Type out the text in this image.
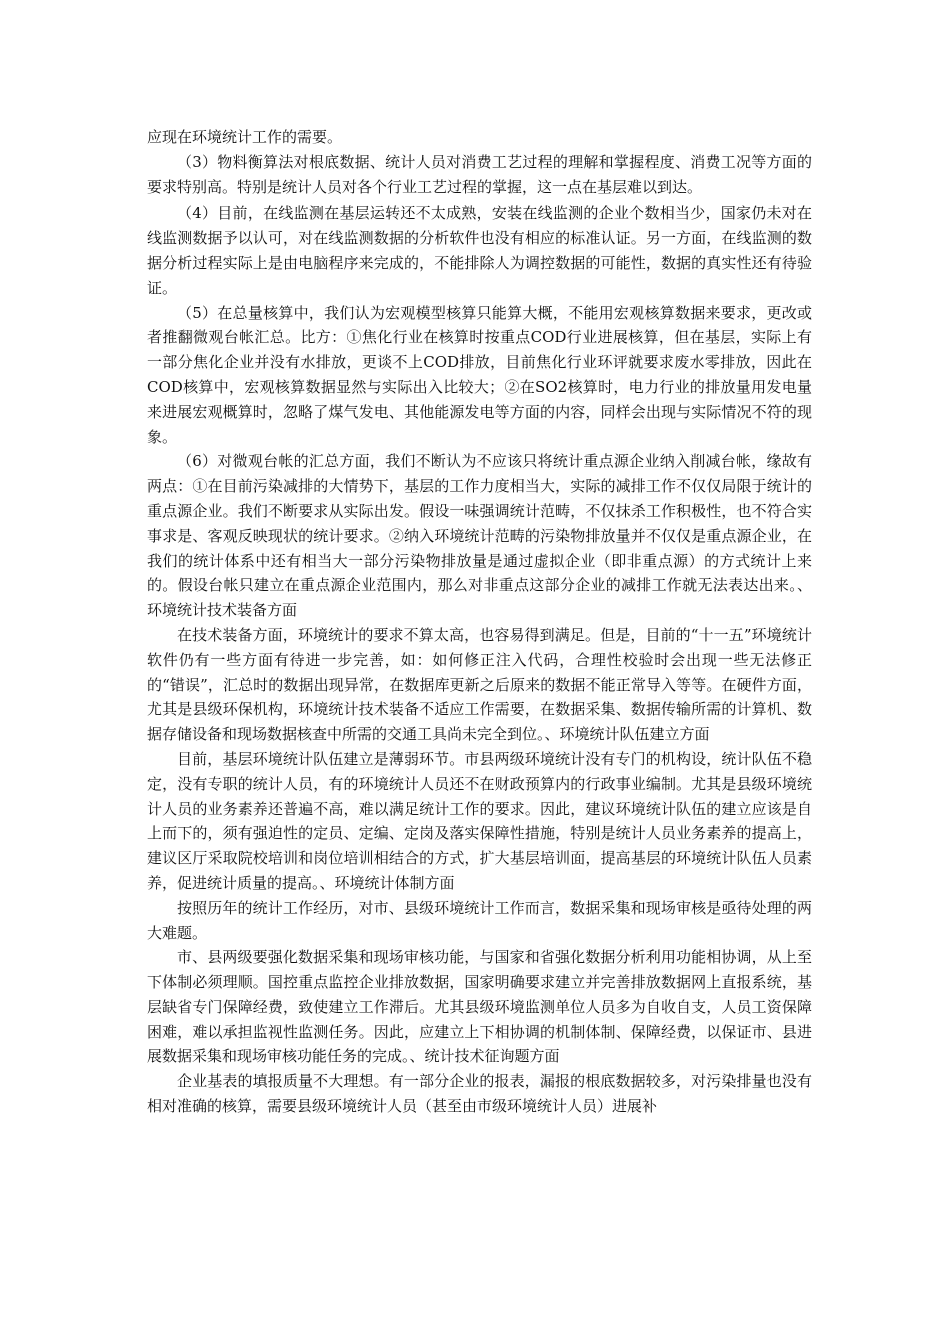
应现在环境统计工作的需要。

（3）物料衡算法对根底数据、统计人员对消费工艺过程的理解和掌握程度、消费工况等方面的要求特别高。特别是统计人员对各个行业工艺过程的掌握，这一点在基层难以到达。

（4）目前，在线监测在基层运转还不太成熟，安装在线监测的企业个数相当少，国家仍未对在线监测数据予以认可，对在线监测数据的分析软件也没有相应的标准认证。另一方面，在线监测的数据分析过程实际上是由电脑程序来完成的，不能排除人为调控数据的可能性，数据的真实性还有待验证。

（5）在总量核算中，我们认为宏观模型核算只能算大概，不能用宏观核算数据来要求，更改或者推翻微观台帐汇总。比方：①焦化行业在核算时按重点COD行业进展核算，但在基层，实际上有一部分焦化企业并没有水排放，更谈不上COD排放，目前焦化行业环评就要求废水零排放，因此在COD核算中，宏观核算数据显然与实际出入比较大；②在SO2核算时，电力行业的排放量用发电量来进展宏观概算时，忽略了煤气发电、其他能源发电等方面的内容，同样会出现与实际情况不符的现象。

（6）对微观台帐的汇总方面，我们不断认为不应该只将统计重点源企业纳入削减台帐，缘故有两点：①在目前污染减排的大情势下，基层的工作力度相当大，实际的减排工作不仅仅局限于统计的重点源企业。我们不断要求从实际出发。假设一味强调统计范畴，不仅抹杀工作积极性，也不符合实事求是、客观反映现状的统计要求。②纳入环境统计范畴的污染物排放量并不仅仅是重点源企业，在我们的统计体系中还有相当大一部分污染物排放量是通过虚拟企业（即非重点源）的方式统计上来的。假设台帐只建立在重点源企业范围内，那么对非重点这部分企业的减排工作就无法表达出来。、环境统计技术装备方面

在技术装备方面，环境统计的要求不算太高，也容易得到满足。但是，目前的“十一五”环境统计软件仍有一些方面有待进一步完善，如：如何修正注入代码，合理性校验时会出现一些无法修正的“错误”，汇总时的数据出现异常，在数据库更新之后原来的数据不能正常导入等等。在硬件方面，尤其是县级环保机构，环境统计技术装备不适应工作需要，在数据采集、数据传输所需的计算机、数据存储设备和现场数据核查中所需的交通工具尚未完全到位。、环境统计队伍建立方面

目前，基层环境统计队伍建立是薄弱环节。市县两级环境统计没有专门的机构设，统计队伍不稳定，没有专职的统计人员，有的环境统计人员还不在财政预算内的行政事业编制。尤其是县级环境统计人员的业务素养还普遍不高，难以满足统计工作的要求。因此，建议环境统计队伍的建立应该是自上而下的，须有强迫性的定员、定编、定岗及落实保障性措施，特别是统计人员业务素养的提高上，建议区厅采取院校培训和岗位培训相结合的方式，扩大基层培训面，提高基层的环境统计队伍人员素养，促进统计质量的提高。、环境统计体制方面

按照历年的统计工作经历，对市、县级环境统计工作而言，数据采集和现场审核是亟待处理的两大难题。

市、县两级要强化数据采集和现场审核功能，与国家和省强化数据分析利用功能相协调，从上至下体制必须理顺。国控重点监控企业排放数据，国家明确要求建立并完善排放数据网上直报系统，基层缺省专门保障经费，致使建立工作滞后。尤其县级环境监测单位人员多为自收自支，人员工资保障困难，难以承担监视性监测任务。因此，应建立上下相协调的机制体制、保障经费，以保证市、县进展数据采集和现场审核功能任务的完成。、统计技术征询题方面

企业基表的填报质量不大理想。有一部分企业的报表，漏报的根底数据较多，对污染排量也没有相对准确的核算，需要县级环境统计人员（甚至由市级环境统计人员）进展补
